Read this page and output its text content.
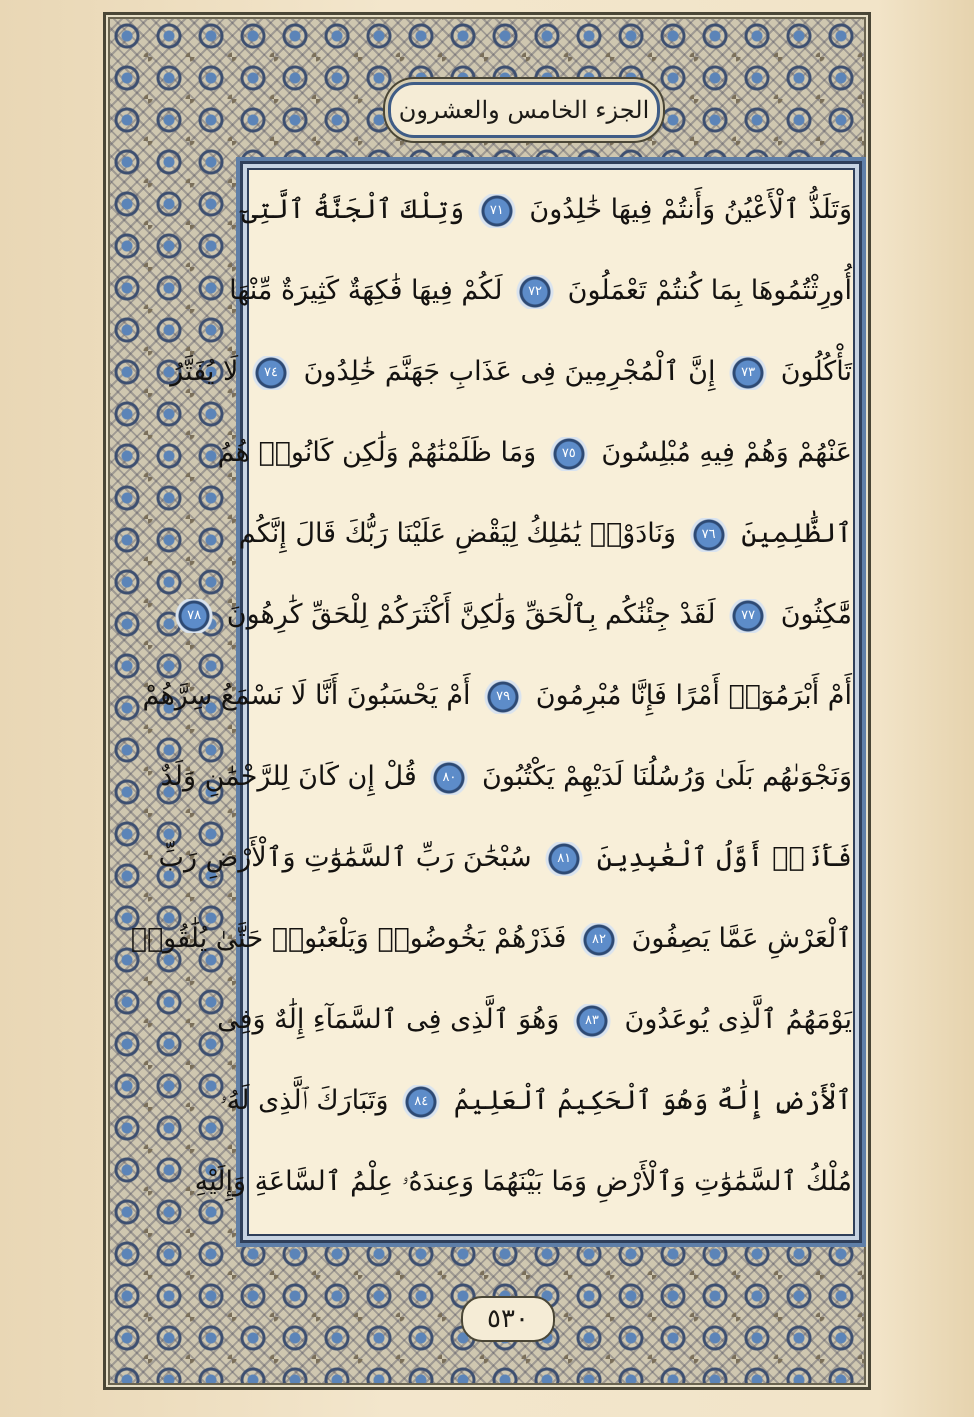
الجزء الخامس والعشرون
وَتَلَذُّ ٱلْأَعْيُنُ وَأَنتُمْ فِيهَا خَٰلِدُونَ ٧١ وَتِلْكَ ٱلْجَنَّةُ ٱلَّتِىٓ
أُورِثْتُمُوهَا بِمَا كُنتُمْ تَعْمَلُونَ ٧٢ لَكُمْ فِيهَا فَٰكِهَةٌ كَثِيرَةٌ مِّنْهَا
تَأْكُلُونَ ٧٣ إِنَّ ٱلْمُجْرِمِينَ فِى عَذَابِ جَهَنَّمَ خَٰلِدُونَ ٧٤ لَا يُفَتَّرُ
عَنْهُمْ وَهُمْ فِيهِ مُبْلِسُونَ ٧٥ وَمَا ظَلَمْنَٰهُمْ وَلَٰكِن كَانُوا۟ هُمُ
ٱلظَّٰلِمِينَ ٧٦ وَنَادَوْا۟ يَٰمَٰلِكُ لِيَقْضِ عَلَيْنَا رَبُّكَ قَالَ إِنَّكُم
مَّٰكِثُونَ ٧٧ لَقَدْ جِئْنَٰكُم بِٱلْحَقِّ وَلَٰكِنَّ أَكْثَرَكُمْ لِلْحَقِّ كَٰرِهُونَ ٧٨
أَمْ أَبْرَمُوٓا۟ أَمْرًا فَإِنَّا مُبْرِمُونَ ٧٩ أَمْ يَحْسَبُونَ أَنَّا لَا نَسْمَعُ سِرَّهُمْ
وَنَجْوَىٰهُم بَلَىٰ وَرُسُلُنَا لَدَيْهِمْ يَكْتُبُونَ ٨٠ قُلْ إِن كَانَ لِلرَّحْمَٰنِ وَلَدٌ
فَأَنَا۠ أَوَّلُ ٱلْعَٰبِدِينَ ٨١ سُبْحَٰنَ رَبِّ ٱلسَّمَٰوَٰتِ وَٱلْأَرْضِ رَبِّ
ٱلْعَرْشِ عَمَّا يَصِفُونَ ٨٢ فَذَرْهُمْ يَخُوضُوا۟ وَيَلْعَبُوا۟ حَتَّىٰ يُلَٰقُوا۟
يَوْمَهُمُ ٱلَّذِى يُوعَدُونَ ٨٣ وَهُوَ ٱلَّذِى فِى ٱلسَّمَآءِ إِلَٰهٌ وَفِى
ٱلْأَرْضِ إِلَٰهٌ وَهُوَ ٱلْحَكِيمُ ٱلْعَلِيمُ ٨٤ وَتَبَارَكَ ٱلَّذِى لَهُۥ
مُلْكُ ٱلسَّمَٰوَٰتِ وَٱلْأَرْضِ وَمَا بَيْنَهُمَا وَعِندَهُۥ عِلْمُ ٱلسَّاعَةِ وَإِلَيْهِ
٥٣٠
